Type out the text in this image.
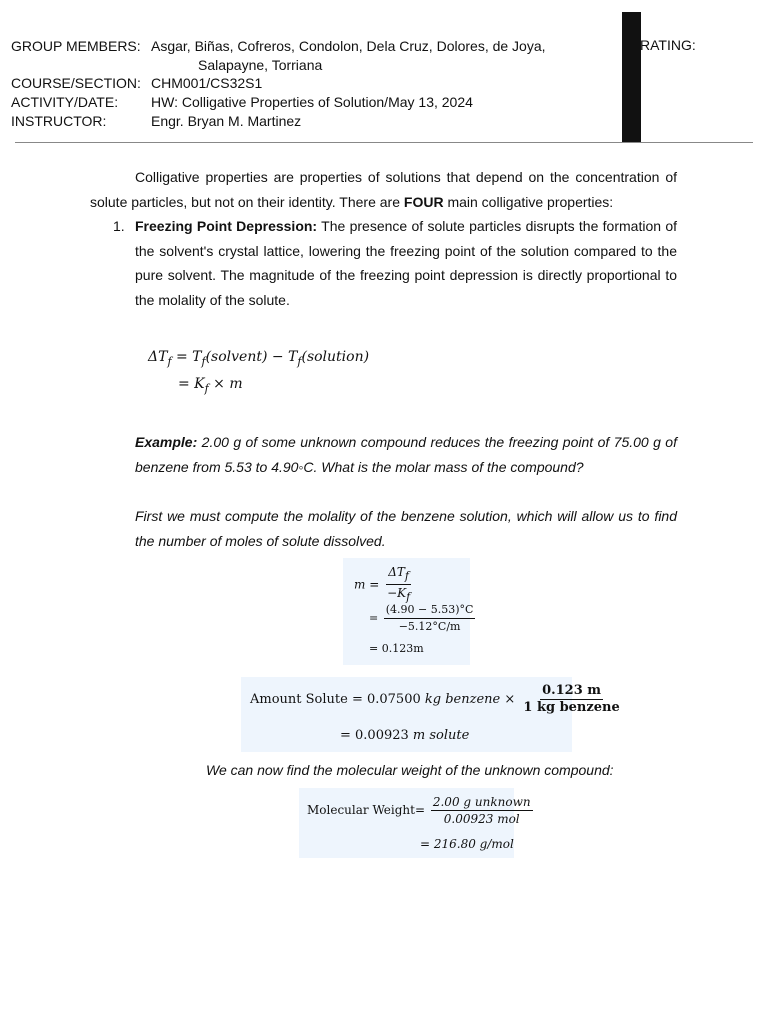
GROUP MEMBERS: Asgar, Biñas, Cofreros, Condolon, Dela Cruz, Dolores, de Joya,
Salapayne, Torriana
COURSE/SECTION: CHM001/CS32S1
ACTIVITY/DATE: HW: Colligative Properties of Solution/May 13, 2024
INSTRUCTOR:	Engr. Bryan M. Martinez
RATING:
Colligative properties are properties of solutions that depend on the concentration of solute particles, but not on their identity. There are FOUR main colligative properties:
1. Freezing Point Depression: The presence of solute particles disrupts the formation of the solvent's crystal lattice, lowering the freezing point of the solution compared to the pure solvent. The magnitude of the freezing point depression is directly proportional to the molality of the solute.
$\Delta T_f$ = $T_f(solvent)$ − $T_f(solution)$
= $K_f \times m$
Example: 2.00 g of some unknown compound reduces the freezing point of 75.00 g of benzene from 5.53 to 4.90◦C. What is the molar mass of the compound?
First we must compute the molality of the benzene solution, which will allow us to find the number of moles of solute dissolved.
$m = \frac{\Delta T_f}{-K_f}$
= $\frac{(4.90 - 5.53)^\circ C}{-5.12^\circ C/m}$
= 0.123m
Amount Solute = 0.07500 kg benzene × $\frac{0.123 m}{\text{1 kg benzene}}$
= 0.00923 m solute
We can now find the molecular weight of the unknown compound:
Molecular Weight= $\frac{\text{2.00 g unknown}}{\text{0.00923 mol}}$
= 216.80 g/mol
